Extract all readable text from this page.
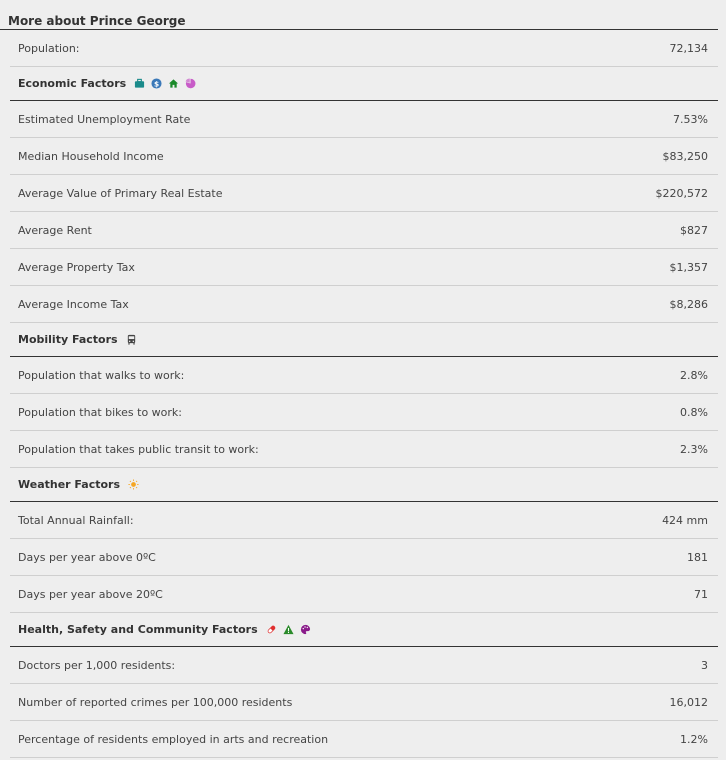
More about Prince George
Population:	72,134
Economic Factors	$
Estimated Unemployment Rate	7.53%
Median Household Income	$83,250
Average Value of Primary Real Estate	$220,572
Average Rent	$827
Average Property Tax	$1,357
Average Income Tax	$8,286
Mobility Factors
Population that walks to work:	2.8%
Population that bikes to work:	0.8%
Population that takes public transit to work:	2.3%
Weather Factors
Total Annual Rainfall:	424 mm
Days per year above 0ºC	181
Days per year above 20ºC	71
Health, Safety and Community Factors
Doctors per 1,000 residents:	3
Number of reported crimes per 100,000 residents	16,012
Percentage of residents employed in arts and recreation	1.2%
